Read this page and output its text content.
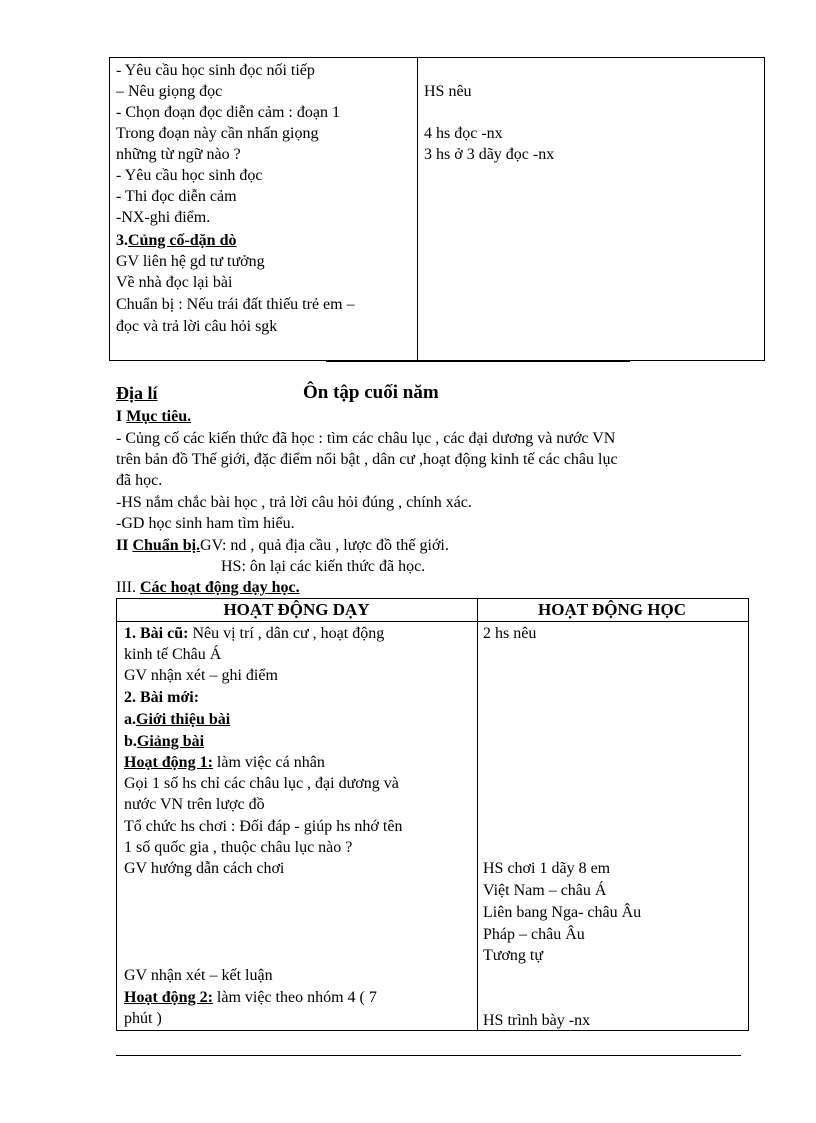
- Yêu cầu học sinh đọc nối tiếp
– Nêu giọng đọc
- Chọn đoạn đọc diễn cảm : đoạn 1
Trong đoạn này cần nhấn giọng
những từ ngữ nào ?
- Yêu cầu học sinh đọc
- Thi đọc diễn cảm
-NX-ghi điểm.
3.Củng cố-dặn dò
GV liên hệ gd tư tưởng
Về nhà đọc lại bài
Chuẩn bị : Nếu trái đất thiếu trẻ em –
đọc và trả lời câu hỏi sgk
HS nêu
4 hs đọc -nx
3 hs ở 3 dãy đọc -nx
Địa lí	Ôn tập cuối năm
I Mục tiêu.
- Củng cố các kiến thức đã học : tìm các châu lục , các đại dương và nước VN
trên bản đồ Thế giới, đặc điểm nổi bật , dân cư ,hoạt động kinh tế các châu lục
đã học.
-HS nắm chắc bài học , trả lời câu hỏi đúng , chính xác.
-GD học sinh ham tìm hiểu.
II Chuẩn bị.GV: nd , quả địa cầu , lược đồ thế giới.
HS: ôn lại các kiến thức đã học.
III. Các hoạt động dạy học.
HOẠT ĐỘNG DẠY	HOẠT ĐỘNG HỌC
1. Bài cũ: Nêu vị trí , dân cư , hoạt động
kinh tế Châu Á
GV nhận xét – ghi điểm
2. Bài mới:
a.Giới thiệu bài
b.Giảng bài
Hoạt động 1: làm việc cá nhân
Gọi 1 số hs chỉ các châu lục , đại dương và
nước VN trên lược đồ
Tổ chức hs chơi : Đối đáp - giúp hs nhớ tên
1 số quốc gia , thuộc châu lục nào ?
GV hướng dẫn cách chơi
GV nhận xét – kết luận
Hoạt động 2: làm việc theo nhóm 4 ( 7
phút )
2 hs nêu
HS chơi 1 dãy 8 em
Việt Nam – châu Á
Liên bang Nga- châu Âu
Pháp – châu Âu
Tương tự
HS trình bày -nx
